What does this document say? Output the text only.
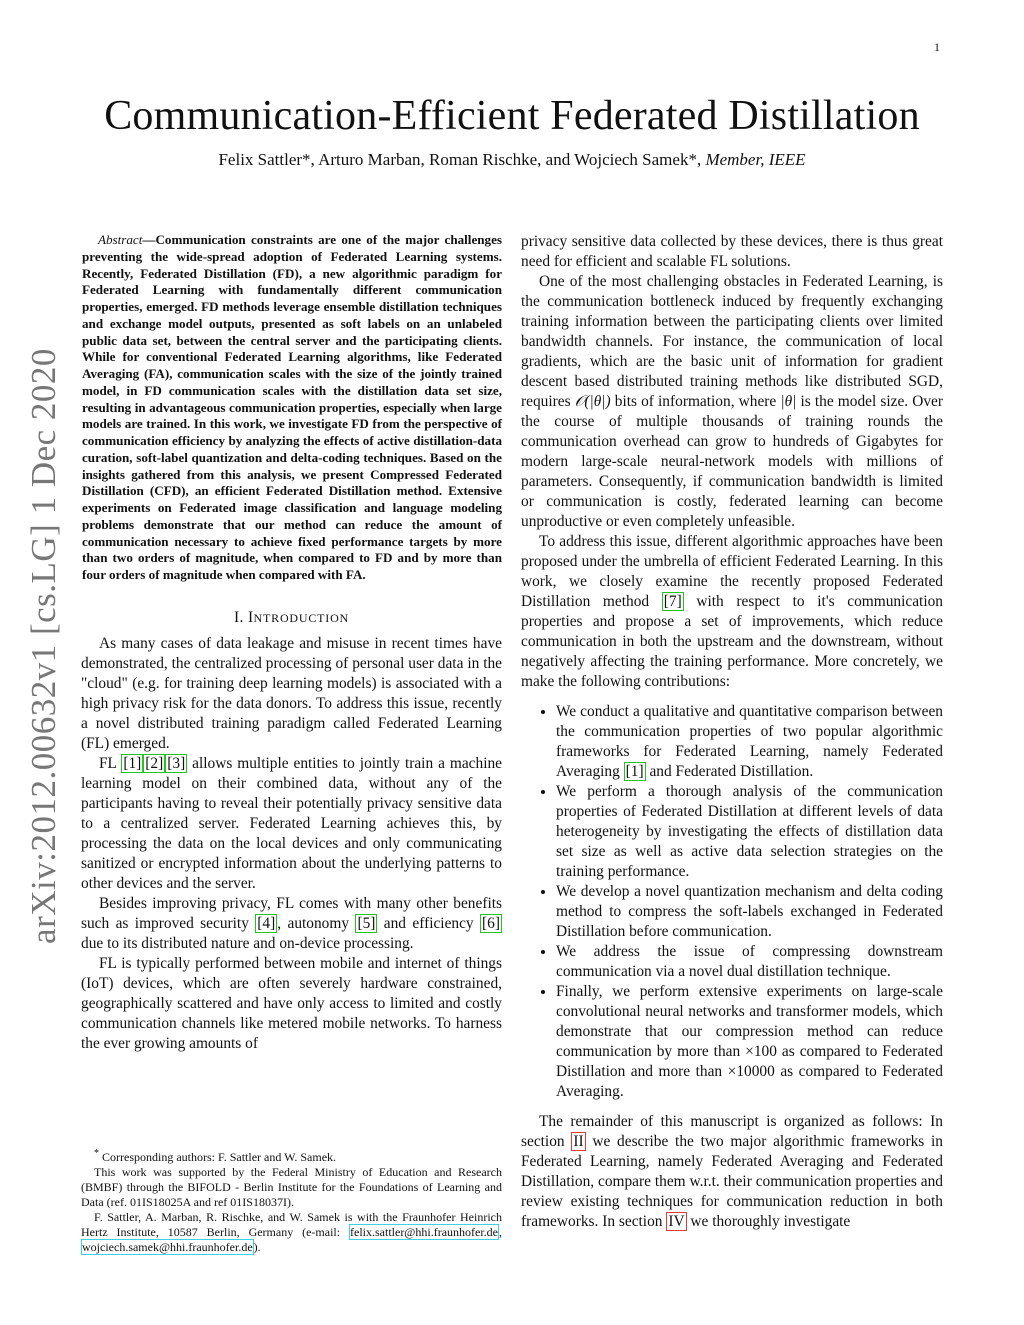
1
arXiv:2012.00632v1 [cs.LG] 1 Dec 2020
Communication-Efficient Federated Distillation
Felix Sattler*, Arturo Marban, Roman Rischke, and Wojciech Samek*, Member, IEEE

Abstract—Communication constraints are one of the major challenges preventing the wide-spread adoption of Federated Learning systems. Recently, Federated Distillation (FD), a new algorithmic paradigm for Federated Learning with fundamentally different communication properties, emerged. FD methods leverage ensemble distillation techniques and exchange model outputs, presented as soft labels on an unlabeled public data set, between the central server and the participating clients. While for conventional Federated Learning algorithms, like Federated Averaging (FA), communication scales with the size of the jointly trained model, in FD communication scales with the distillation data set size, resulting in advantageous communication properties, especially when large models are trained. In this work, we investigate FD from the perspective of communication efficiency by analyzing the effects of active distillation-data curation, soft-label quantization and delta-coding techniques. Based on the insights gathered from this analysis, we present Compressed Federated Distillation (CFD), an efficient Federated Distillation method. Extensive experiments on Federated image classification and language modeling problems demonstrate that our method can reduce the amount of communication necessary to achieve fixed performance targets by more than two orders of magnitude, when compared to FD and by more than four orders of magnitude when compared with FA.

I. INTRODUCTION

As many cases of data leakage and misuse in recent times have demonstrated, the centralized processing of personal user data in the "cloud" (e.g. for training deep learning models) is associated with a high privacy risk for the data donors. To address this issue, recently a novel distributed training paradigm called Federated Learning (FL) emerged.

FL [1] [2] [3] allows multiple entities to jointly train a machine learning model on their combined data, without any of the participants having to reveal their potentially privacy sensitive data to a centralized server. Federated Learning achieves this, by processing the data on the local devices and only communicating sanitized or encrypted information about the underlying patterns to other devices and the server.

Besides improving privacy, FL comes with many other benefits such as improved security [4] , autonomy [5] and efficiency [6] due to its distributed nature and on-device processing.

FL is typically performed between mobile and internet of things (IoT) devices, which are often severely hardware constrained, geographically scattered and have only access to limited and costly communication channels like metered mobile networks. To harness the ever growing amounts of

* Corresponding authors: F. Sattler and W. Samek.

This work was supported by the Federal Ministry of Education and Research (BMBF) through the BIFOLD - Berlin Institute for the Foundations of Learning and Data (ref. 01IS18025A and ref 01IS18037I).

F. Sattler, A. Marban, R. Rischke, and W. Samek is with the Fraunhofer Heinrich Hertz Institute, 10587 Berlin, Germany (e-mail: felix.sattler@hhi.fraunhofer.de, wojciech.samek@hhi.fraunhofer.de).

privacy sensitive data collected by these devices, there is thus great need for efficient and scalable FL solutions.

One of the most challenging obstacles in Federated Learning, is the communication bottleneck induced by frequently exchanging training information between the participating clients over limited bandwidth channels. For instance, the communication of local gradients, which are the basic unit of information for gradient descent based distributed training methods like distributed SGD, requires 𝒪(|θ|) bits of information, where |θ| is the model size. Over the course of multiple thousands of training rounds the communication overhead can grow to hundreds of Gigabytes for modern large-scale neural-network models with millions of parameters. Consequently, if communication bandwidth is limited or communication is costly, federated learning can become unproductive or even completely unfeasible.

To address this issue, different algorithmic approaches have been proposed under the umbrella of efficient Federated Learning. In this work, we closely examine the recently proposed Federated Distillation method [7] with respect to it's communication properties and propose a set of improvements, which reduce communication in both the upstream and the downstream, without negatively affecting the training performance. More concretely, we make the following contributions:

• We conduct a qualitative and quantitative comparison between the communication properties of two popular algorithmic frameworks for Federated Learning, namely Federated Averaging [1] and Federated Distillation.
• We perform a thorough analysis of the communication properties of Federated Distillation at different levels of data heterogeneity by investigating the effects of distillation data set size as well as active data selection strategies on the training performance.
• We develop a novel quantization mechanism and delta coding method to compress the soft-labels exchanged in Federated Distillation before communication.
• We address the issue of compressing downstream communication via a novel dual distillation technique.
• Finally, we perform extensive experiments on large-scale convolutional neural networks and transformer models, which demonstrate that our compression method can reduce communication by more than ×100 as compared to Federated Distillation and more than ×10000 as compared to Federated Averaging.

The remainder of this manuscript is organized as follows: In section II we describe the two major algorithmic frameworks in Federated Learning, namely Federated Averaging and Federated Distillation, compare them w.r.t. their communication properties and review existing techniques for communication reduction in both frameworks. In section IV we thoroughly investigate
